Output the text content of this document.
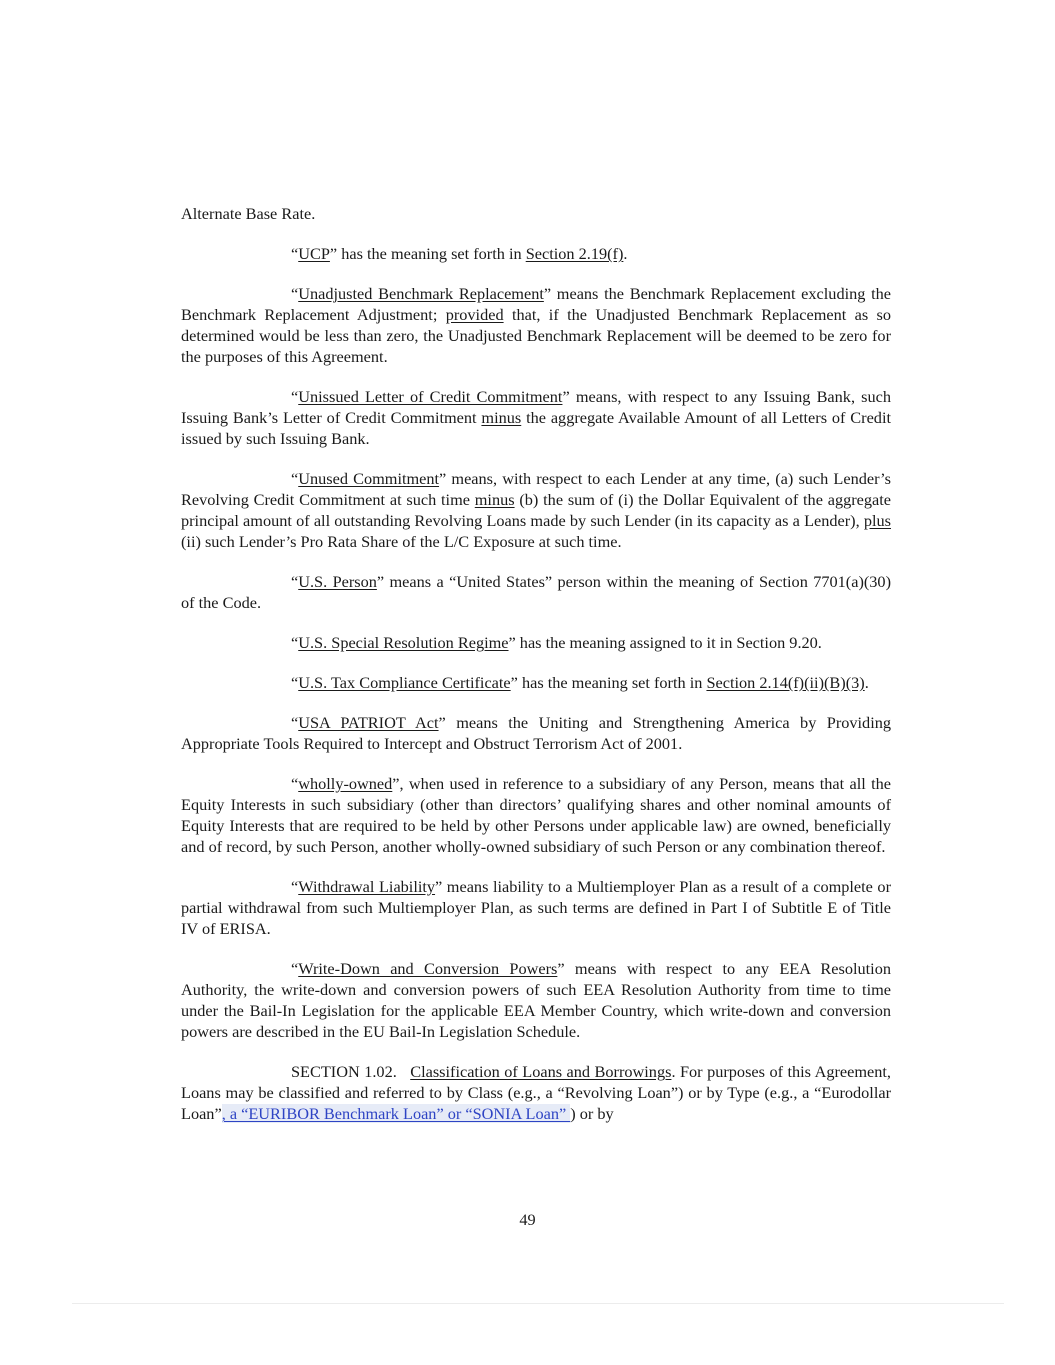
Alternate Base Rate.

“UCP” has the meaning set forth in Section 2.19(f).

“Unadjusted Benchmark Replacement” means the Benchmark Replacement excluding the Benchmark Replacement Adjustment; provided that, if the Unadjusted Benchmark Replacement as so determined would be less than zero, the Unadjusted Benchmark Replacement will be deemed to be zero for the purposes of this Agreement.

“Unissued Letter of Credit Commitment” means, with respect to any Issuing Bank, such Issuing Bank’s Letter of Credit Commitment minus the aggregate Available Amount of all Letters of Credit issued by such Issuing Bank.

“Unused Commitment” means, with respect to each Lender at any time, (a) such Lender’s Revolving Credit Commitment at such time minus (b) the sum of (i) the Dollar Equivalent of the aggregate principal amount of all outstanding Revolving Loans made by such Lender (in its capacity as a Lender), plus (ii) such Lender’s Pro Rata Share of the L/C Exposure at such time.

“U.S. Person” means a “United States” person within the meaning of Section 7701(a)(30) of the Code.

“U.S. Special Resolution Regime” has the meaning assigned to it in Section 9.20.

“U.S. Tax Compliance Certificate” has the meaning set forth in Section 2.14(f)(ii)(B)(3).

“USA PATRIOT Act” means the Uniting and Strengthening America by Providing Appropriate Tools Required to Intercept and Obstruct Terrorism Act of 2001.

“wholly-owned”, when used in reference to a subsidiary of any Person, means that all the Equity Interests in such subsidiary (other than directors’ qualifying shares and other nominal amounts of Equity Interests that are required to be held by other Persons under applicable law) are owned, beneficially and of record, by such Person, another wholly-owned subsidiary of such Person or any combination thereof.

“Withdrawal Liability” means liability to a Multiemployer Plan as a result of a complete or partial withdrawal from such Multiemployer Plan, as such terms are defined in Part I of Subtitle E of Title IV of ERISA.

“Write-Down and Conversion Powers” means with respect to any EEA Resolution Authority, the write-down and conversion powers of such EEA Resolution Authority from time to time under the Bail-In Legislation for the applicable EEA Member Country, which write-down and conversion powers are described in the EU Bail-In Legislation Schedule.

SECTION 1.02.   Classification of Loans and Borrowings. For purposes of this Agreement, Loans may be classified and referred to by Class (e.g., a “Revolving Loan”) or by Type (e.g., a “Eurodollar Loan”, a “EURIBOR Benchmark Loan” or “SONIA Loan” ) or by

49
